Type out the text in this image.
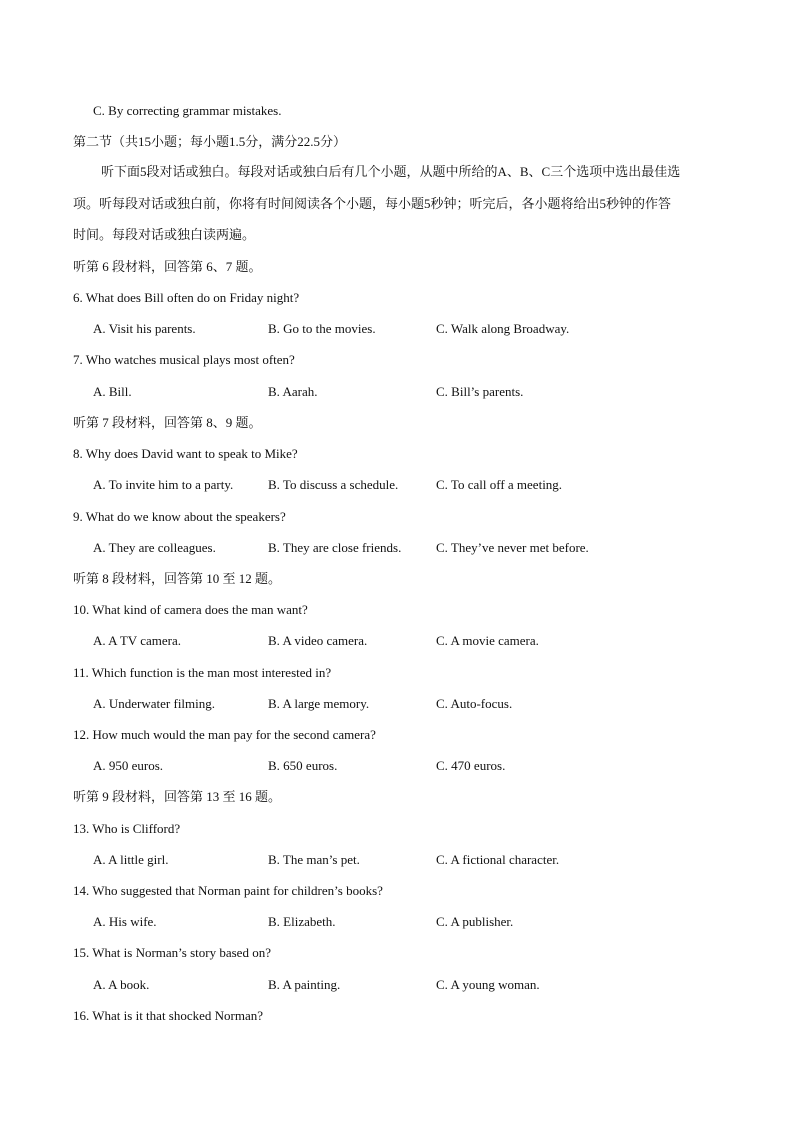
C. By correcting grammar mistakes.
第二节（共15小题；每小题1.5分，满分22.5分）
听下面5段对话或独白。每段对话或独白后有几个小题，从题中所给的A、B、C三个选项中选出最佳选
项。听每段对话或独白前，你将有时间阅读各个小题，每小题5秒钟；听完后，各小题将给出5秒钟的作答
时间。每段对话或独白读两遍。
听第 6 段材料，回答第 6、7 题。
6. What does Bill often do on Friday night?
A. Visit his parents.	B. Go to the movies.	C. Walk along Broadway.
7. Who watches musical plays most often?
A. Bill.	B. Aarah.	C. Bill’s parents.
听第 7 段材料，回答第 8、9 题。
8. Why does David want to speak to Mike?
A. To invite him to a party.	B. To discuss a schedule.	C. To call off a meeting.
9. What do we know about the speakers?
A. They are colleagues.	B. They are close friends.	C. They’ve never met before.
听第 8 段材料，回答第 10 至 12 题。
10. What kind of camera does the man want?
A. A TV camera.	B. A video camera.	C. A movie camera.
11. Which function is the man most interested in?
A. Underwater filming.	B. A large memory.	C. Auto-focus.
12. How much would the man pay for the second camera?
A. 950 euros.	B. 650 euros.	C. 470 euros.
听第 9 段材料，回答第 13 至 16 题。
13. Who is Clifford?
A. A little girl.	B. The man’s pet.	C. A fictional character.
14. Who suggested that Norman paint for children’s books?
A. His wife.	B. Elizabeth.	C. A publisher.
15. What is Norman’s story based on?
A. A book.	B. A painting.	C. A young woman.
16. What is it that shocked Norman?
